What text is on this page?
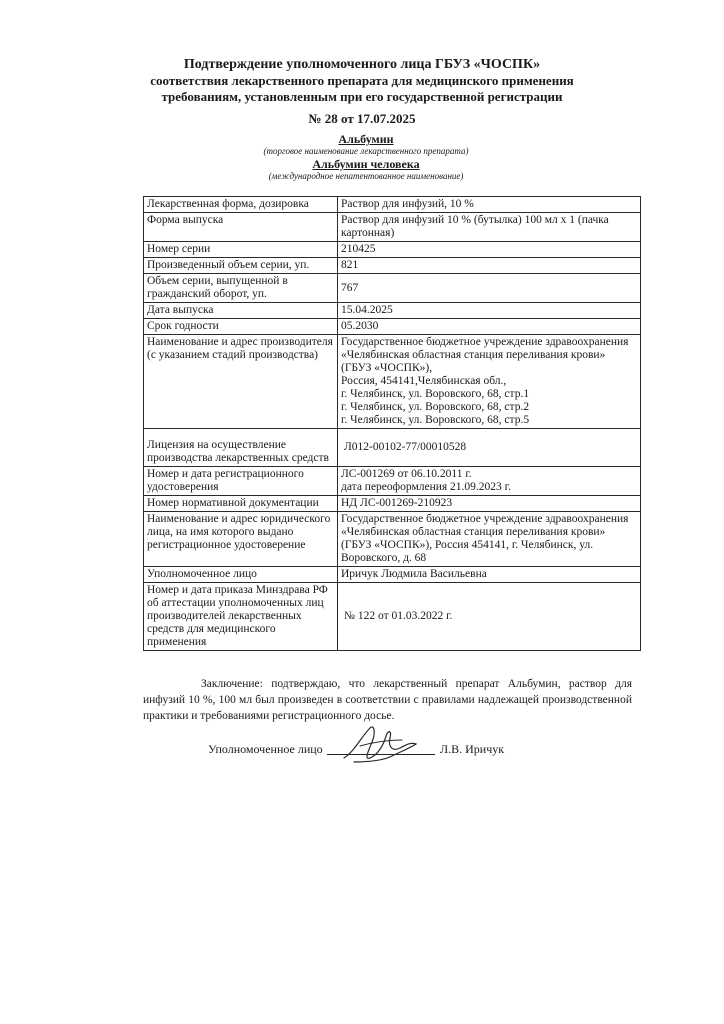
Подтверждение уполномоченного лица ГБУЗ «ЧОСПК»
соответствия лекарственного препарата для медицинского применения
требованиям, установленным при его государственной регистрации
№ 28 от 17.07.2025
Альбумин
(торговое наименование лекарственного препарата)
Альбумин человека
(международное непатентованное наименование)
Лекарственная форма, дозировка	Раствор для инфузий, 10 %
Форма выпуска	Раствор для инфузий 10 % (бутылка) 100 мл х 1 (пачка картонная)
Номер серии	210425
Произведенный объем серии, уп.	821
Объем серии, выпущенной в гражданский оборот, уп.	767
Дата выпуска	15.04.2025
Срок годности	05.2030
Наименование и адрес производителя (с указанием стадий производства)	Государственное бюджетное учреждение здравоохранения «Челябинская областная станция переливания крови» (ГБУЗ «ЧОСПК»),
Россия, 454141,Челябинская обл.,
г. Челябинск, ул. Воровского, 68, стр.1
г. Челябинск, ул. Воровского, 68, стр.2
г. Челябинск, ул. Воровского, 68, стр.5

Лицензия на осуществление производства лекарственных средств	Л012-00102-77/00010528
Номер и дата регистрационного удостоверения	ЛС-001269 от 06.10.2011 г.
дата переоформления 21.09.2023 г.

Номер нормативной документации	НД ЛС-001269-210923
Наименование и адрес юридического лица, на имя которого выдано регистрационное удостоверение	Государственное бюджетное учреждение здравоохранения «Челябинская областная станция переливания крови» (ГБУЗ «ЧОСПК»), Россия 454141, г. Челябинск, ул. Воровского, д. 68
Уполномоченное лицо	Иричук Людмила Васильевна
Номер и дата приказа Минздрава РФ об аттестации уполномоченных лиц производителей лекарственных средств для медицинского применения	№ 122 от 01.03.2022 г.
Заключение: подтверждаю, что лекарственный препарат Альбумин, раствор для инфузий 10 %, 100 мл был произведен в соответствии с правилами надлежащей производственной практики и требованиями регистрационного досье.
Уполномоченное лицо	Л.В. Иричук
